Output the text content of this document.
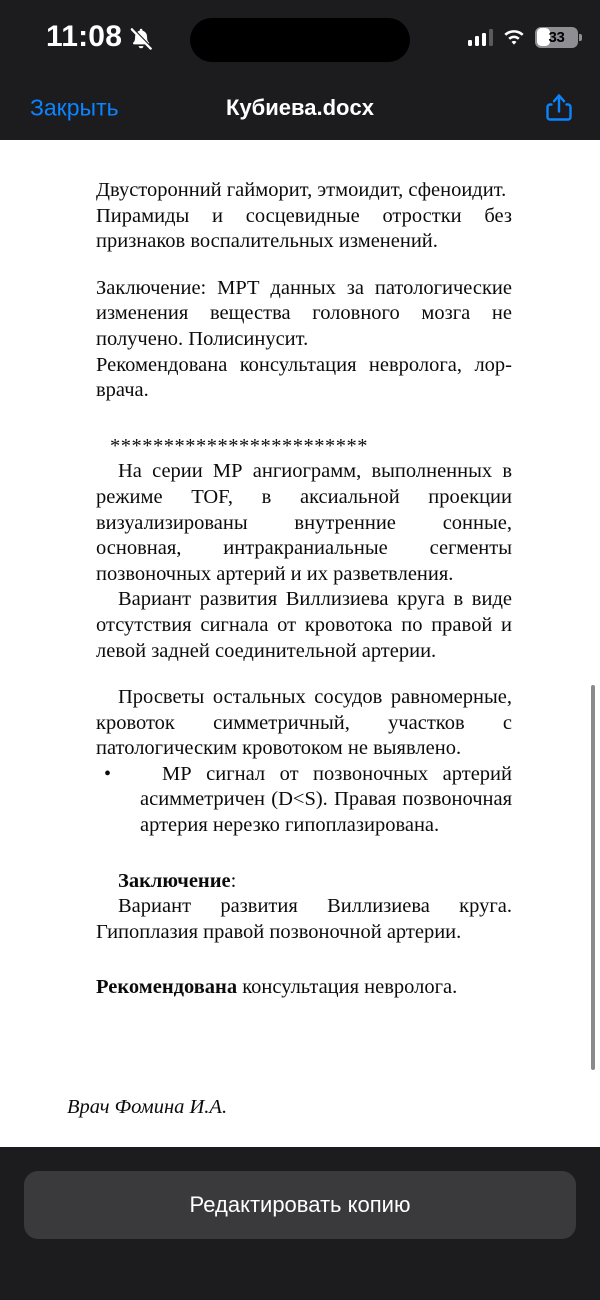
11:08	33
Закрыть	Кубиева.docx

Двусторонний гайморит, этмоидит, сфеноидит.

Пирамиды и сосцевидные отростки без признаков воспалительных изменений.

Заключение: МРТ данных за патологические изменения вещества головного мозга не получено. Полисинусит.

Рекомендована консультация невролога, лор-врача.

************************

На серии МР ангиограмм, выполненных в режиме TOF, в аксиальной проекции визуализированы внутренние сонные, основная, интракраниальные сегменты позвоночных артерий и их разветвления.

Вариант развития Виллизиева круга в виде отсутствия сигнала от кровотока по правой и левой задней соединительной артерии.

Просветы остальных сосудов равномерные, кровоток симметричный, участков с патологическим кровотоком не выявлено.

•	МР сигнал от позвоночных артерий асимметричен (D<S). Правая позвоночная артерия нерезко гипоплазирована.

Заключение:

Вариант развития Виллизиева круга. Гипоплазия правой позвоночной артерии.

Рекомендована консультация невролога.

Врач Фомина И.А.

Редактировать копию
